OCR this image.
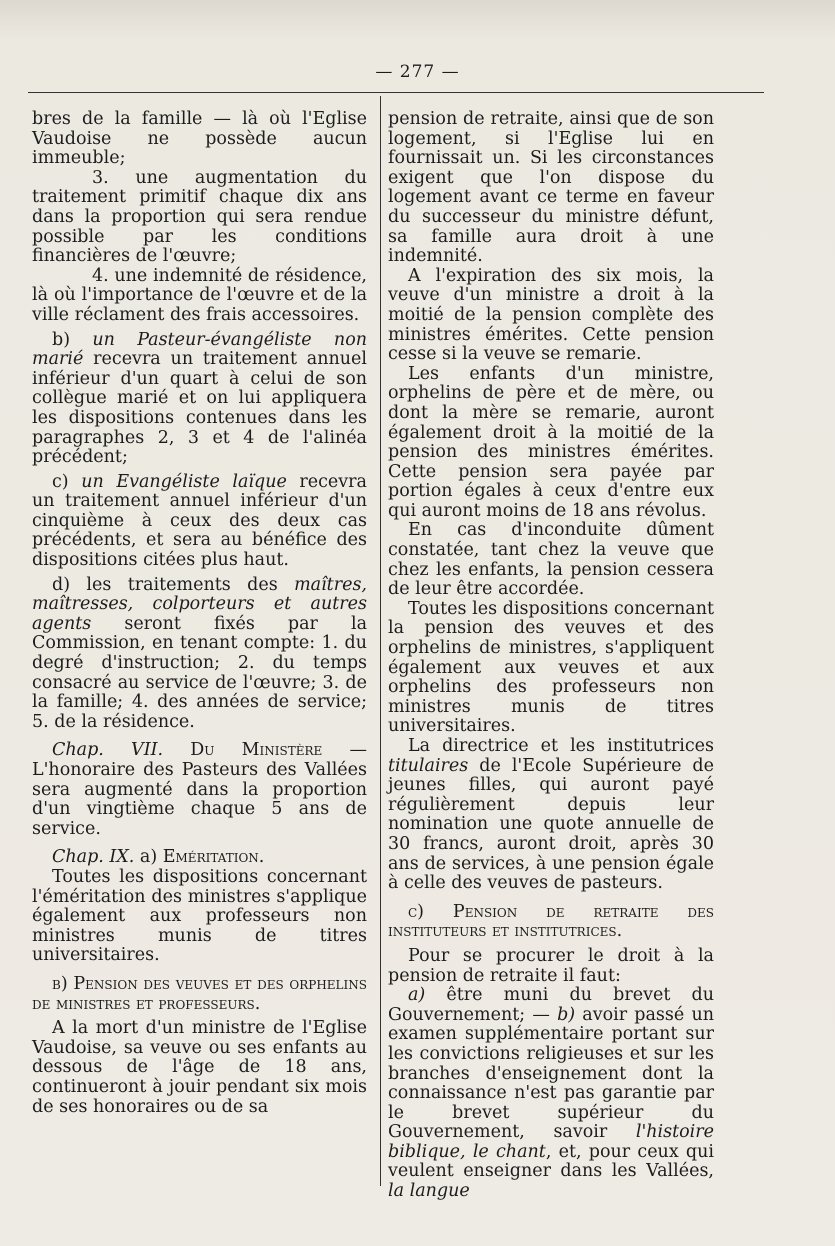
— 277 —

bres de la famille — là où l'Eglise Vaudoise ne possède aucun immeuble;

3. une augmentation du traitement primitif chaque dix ans dans la proportion qui sera rendue possible par les conditions financières de l'œuvre;

4. une indemnité de résidence, là où l'importance de l'œuvre et de la ville réclament des frais accessoires.

b) un Pasteur-évangéliste non marié recevra un traitement annuel inférieur d'un quart à celui de son collègue marié et on lui appliquera les dispositions contenues dans les paragraphes 2, 3 et 4 de l'alinéa précédent;

c) un Evangéliste laïque recevra un traitement annuel inférieur d'un cinquième à ceux des deux cas précédents, et sera au bénéfice des dispositions citées plus haut.

d) les traitements des maîtres, maîtresses, colporteurs et autres agents seront fixés par la Commission, en tenant compte: 1. du degré d'instruction; 2. du temps consacré au service de l'œuvre; 3. de la famille; 4. des années de service; 5. de la résidence.

Chap. VII. Du Ministère — L'honoraire des Pasteurs des Vallées sera augmenté dans la proportion d'un vingtième chaque 5 ans de service.

Chap. IX. a) Eméritation.

Toutes les dispositions concernant l'éméritation des ministres s'applique également aux professeurs non ministres munis de titres universitaires.

b) Pension des veuves et des orphelins de ministres et professeurs.

A la mort d'un ministre de l'Eglise Vaudoise, sa veuve ou ses enfants au dessous de l'âge de 18 ans, continueront à jouir pendant six mois de ses honoraires ou de sa

pension de retraite, ainsi que de son logement, si l'Eglise lui en fournissait un. Si les circonstances exigent que l'on dispose du logement avant ce terme en faveur du successeur du ministre défunt, sa famille aura droit à une indemnité.

A l'expiration des six mois, la veuve d'un ministre a droit à la moitié de la pension complète des ministres émérites. Cette pension cesse si la veuve se remarie.

Les enfants d'un ministre, orphelins de père et de mère, ou dont la mère se remarie, auront également droit à la moitié de la pension des ministres émérites. Cette pension sera payée par portion égales à ceux d'entre eux qui auront moins de 18 ans révolus.

En cas d'inconduite dûment constatée, tant chez la veuve que chez les enfants, la pension cessera de leur être accordée.

Toutes les dispositions concernant la pension des veuves et des orphelins de ministres, s'appliquent également aux veuves et aux orphelins des professeurs non ministres munis de titres universitaires.

La directrice et les institutrices titulaires de l'Ecole Supérieure de jeunes filles, qui auront payé régulièrement depuis leur nomination une quote annuelle de 30 francs, auront droit, après 30 ans de services, à une pension égale à celle des veuves de pasteurs.

c) Pension de retraite des instituteurs et institutrices.

Pour se procurer le droit à la pension de retraite il faut:

a) être muni du brevet du Gouvernement; — b) avoir passé un examen supplémentaire portant sur les convictions religieuses et sur les branches d'enseignement dont la connaissance n'est pas garantie par le brevet supérieur du Gouvernement, savoir l'histoire biblique, le chant, et, pour ceux qui veulent enseigner dans les Vallées, la langue
